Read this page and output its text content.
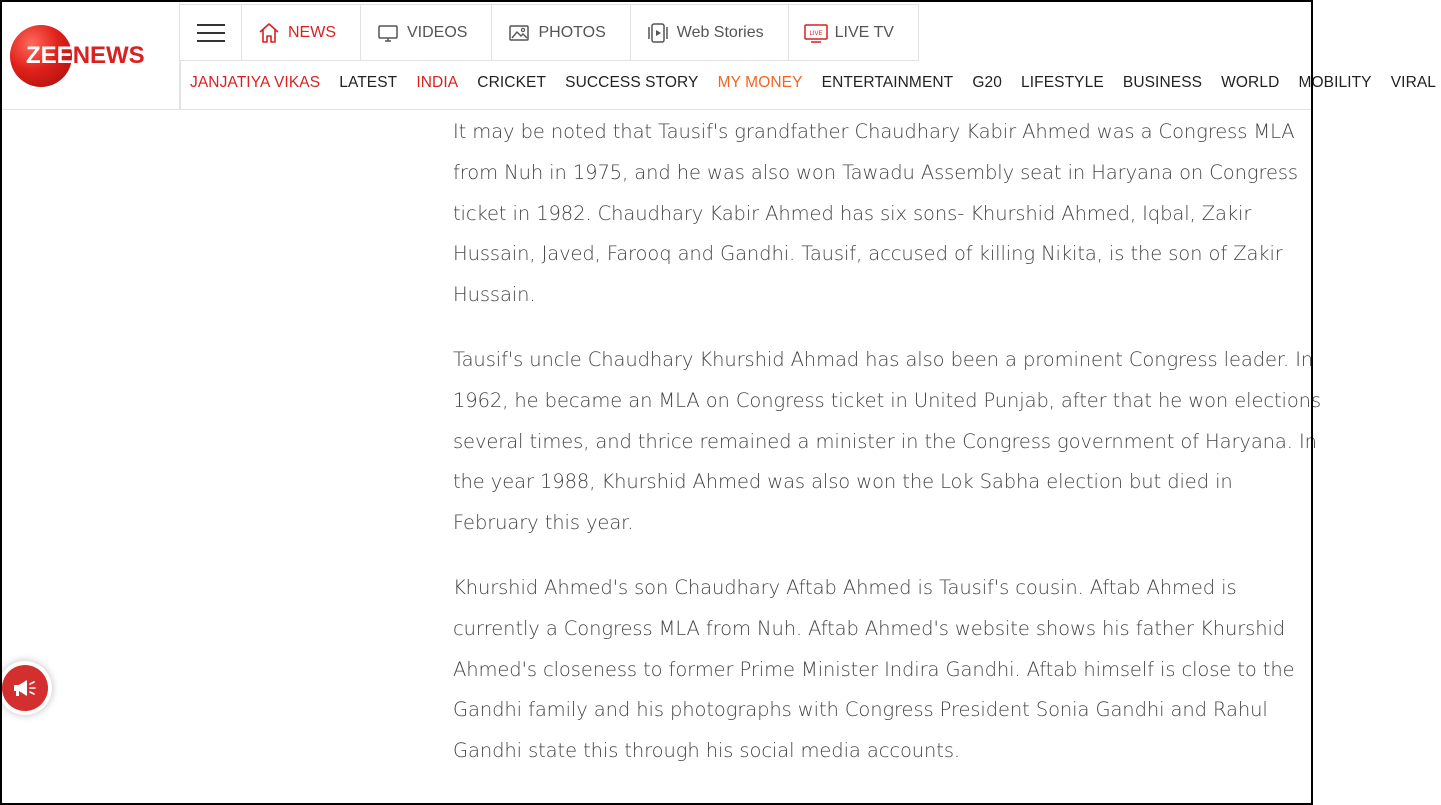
ZEENEWS
NEWS	VIDEOS	PHOTOS	Web Stories	LIVE LIVE TV
JANJATIYA VIKAS LATEST INDIA CRICKET SUCCESS STORY MY MONEY ENTERTAINMENT G20 LIFESTYLE BUSINESS WORLD MOBILITY VIRAL

It may be noted that Tausif's grandfather Chaudhary Kabir Ahmed was a Congress MLA from Nuh in 1975, and he was also won Tawadu Assembly seat in Haryana on Congress ticket in 1982. Chaudhary Kabir Ahmed has six sons- Khurshid Ahmed, Iqbal, Zakir Hussain, Javed, Farooq and Gandhi. Tausif, accused of killing Nikita, is the son of Zakir Hussain.

Tausif's uncle Chaudhary Khurshid Ahmad has also been a prominent Congress leader. In 1962, he became an MLA on Congress ticket in United Punjab, after that he won elections several times, and thrice remained a minister in the Congress government of Haryana. In the year 1988, Khurshid Ahmed was also won the Lok Sabha election but died in February this year.

Khurshid Ahmed's son Chaudhary Aftab Ahmed is Tausif's cousin. Aftab Ahmed is currently a Congress MLA from Nuh. Aftab Ahmed's website shows his father Khurshid Ahmed's closeness to former Prime Minister Indira Gandhi. Aftab himself is close to the Gandhi family and his photographs with Congress President Sonia Gandhi and Rahul Gandhi state this through his social media accounts.
